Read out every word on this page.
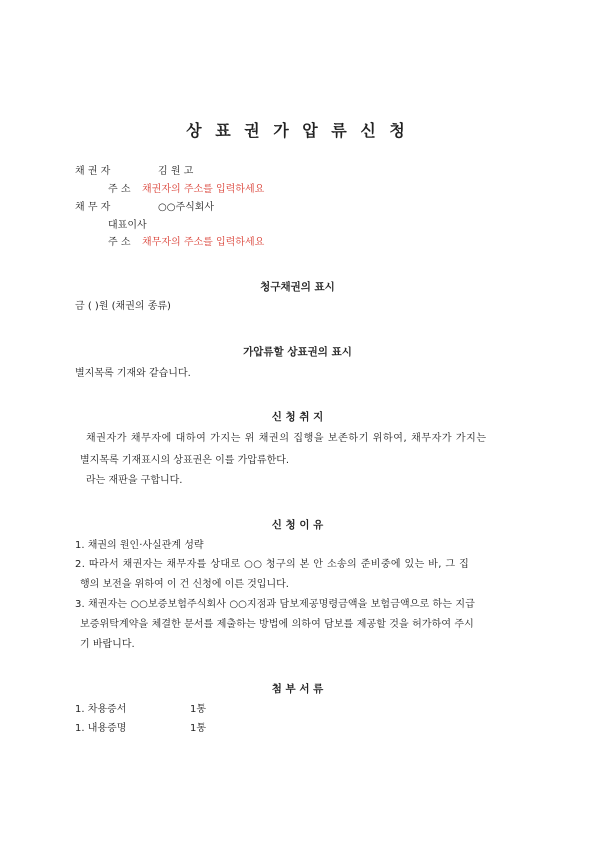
상 표 권 가 압 류 신 청
채 권 자	김 원 고
주 소 채권자의 주소를 입력하세요
채 무 자	○○주식회사
대표이사
주 소 채무자의 주소를 입력하세요
청구채권의 표시
금 ( )원 (채권의 종류)
가압류할 상표권의 표시
별지목록 기재와 같습니다.
신 청 취 지
채권자가 채무자에 대하여 가지는 위 채권의 집행을 보존하기 위하여, 채무자가 가지는
별지목록 기재표시의 상표권은 이를 가압류한다.
라는 재판을 구합니다.
신 청 이 유
1. 채권의 원인·사실관계 성략
2. 따라서 채권자는 채무자를 상대로 ○○ 청구의 본 안 소송의 준비중에 있는 바, 그 집
행의 보전을 위하여 이 건 신청에 이른 것입니다.
3. 채권자는 ○○보증보험주식회사 ○○지점과 담보제공명령금액을 보험금액으로 하는 지급
보증위탁계약을 체결한 문서를 제출하는 방법에 의하여 담보를 제공할 것을 허가하여 주시
기 바랍니다.
첨 부 서 류
1. 차용증서	1통
1. 내용증명	1통
